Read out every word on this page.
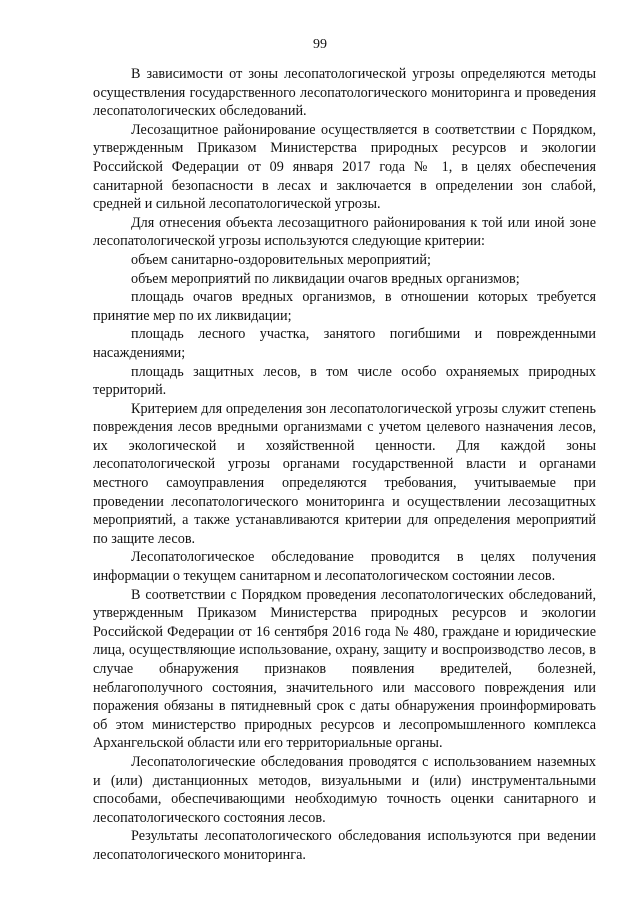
99

В зависимости от зоны лесопатологической угрозы определяются методы осуществления государственного лесопатологического мониторинга и проведения лесопатологических обследований.

Лесозащитное районирование осуществляется в соответствии с Порядком, утвержденным Приказом Министерства природных ресурсов и экологии Российской Федерации от 09 января 2017 года № 1, в целях обеспечения санитарной безопасности в лесах и заключается в определении зон слабой, средней и сильной лесопатологической угрозы.

Для отнесения объекта лесозащитного районирования к той или иной зоне лесопатологической угрозы используются следующие критерии:

объем санитарно-оздоровительных мероприятий;

объем мероприятий по ликвидации очагов вредных организмов;

площадь очагов вредных организмов, в отношении которых требуется принятие мер по их ликвидации;

площадь лесного участка, занятого погибшими и поврежденными насаждениями;

площадь защитных лесов, в том числе особо охраняемых природных территорий.

Критерием для определения зон лесопатологической угрозы служит степень повреждения лесов вредными организмами с учетом целевого назначения лесов, их экологической и хозяйственной ценности. Для каждой зоны лесопатологической угрозы органами государственной власти и органами местного самоуправления определяются требования, учитываемые при проведении лесопатологического мониторинга и осуществлении лесозащитных мероприятий, а также устанавливаются критерии для определения мероприятий по защите лесов.

Лесопатологическое обследование проводится в целях получения информации о текущем санитарном и лесопатологическом состоянии лесов.

В соответствии с Порядком проведения лесопатологических обследований, утвержденным Приказом Министерства природных ресурсов и экологии Российской Федерации от 16 сентября 2016 года № 480, граждане и юридические лица, осуществляющие использование, охрану, защиту и воспроизводство лесов, в случае обнаружения признаков появления вредителей, болезней, неблагополучного состояния, значительного или массового повреждения или поражения обязаны в пятидневный срок с даты обнаружения проинформировать об этом министерство природных ресурсов и лесопромышленного комплекса Архангельской области или его территориальные органы.

Лесопатологические обследования проводятся с использованием наземных и (или) дистанционных методов, визуальными и (или) инструментальными способами, обеспечивающими необходимую точность оценки санитарного и лесопатологического состояния лесов.

Результаты лесопатологического обследования используются при ведении лесопатологического мониторинга.
